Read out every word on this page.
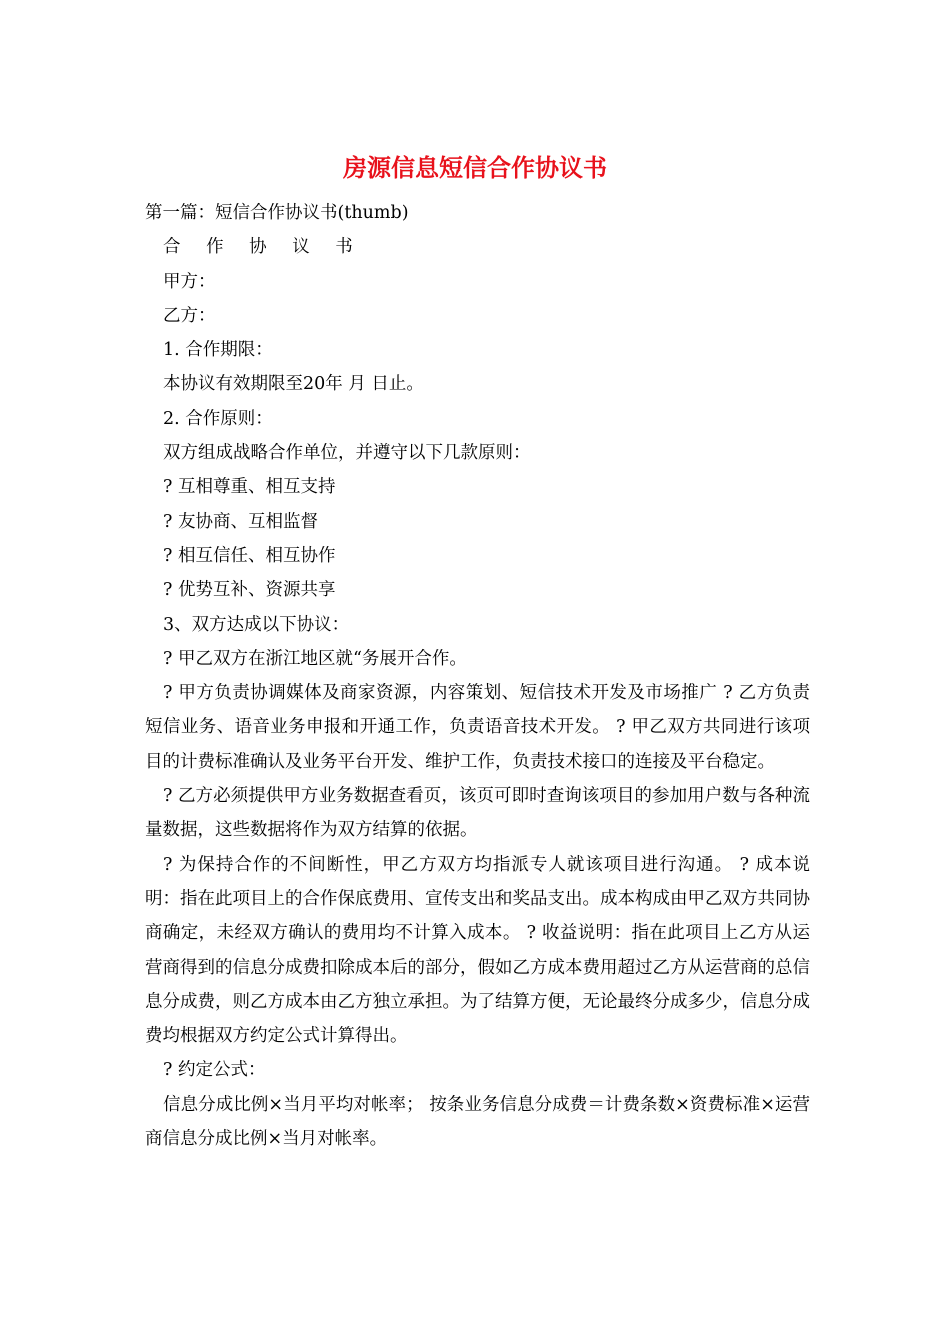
房源信息短信合作协议书

第一篇：短信合作协议书(thumb)

合 作 协 议 书

甲方：

乙方：

1. 合作期限：

本协议有效期限至20年 月 日止。

2. 合作原则：

双方组成战略合作单位，并遵守以下几款原则：

? 互相尊重、相互支持

? 友协商、互相监督

? 相互信任、相互协作

? 优势互补、资源共享

3、双方达成以下协议：

? 甲乙双方在浙江地区就“务展开合作。

? 甲方负责协调媒体及商家资源，内容策划、短信技术开发及市场推广 ? 乙方负责短信业务、语音业务申报和开通工作，负责语音技术开发。 ? 甲乙双方共同进行该项目的计费标准确认及业务平台开发、维护工作，负责技术接口的连接及平台稳定。

? 乙方必须提供甲方业务数据查看页，该页可即时查询该项目的参加用户数与各种流量数据，这些数据将作为双方结算的依据。

? 为保持合作的不间断性，甲乙方双方均指派专人就该项目进行沟通。 ? 成本说明：指在此项目上的合作保底费用、宣传支出和奖品支出。成本构成由甲乙双方共同协商确定，未经双方确认的费用均不计算入成本。 ? 收益说明：指在此项目上乙方从运营商得到的信息分成费扣除成本后的部分，假如乙方成本费用超过乙方从运营商的总信息分成费，则乙方成本由乙方独立承担。为了结算方便，无论最终分成多少，信息分成费均根据双方约定公式计算得出。

? 约定公式：

信息分成比例×当月平均对帐率； 按条业务信息分成费＝计费条数×资费标准×运营商信息分成比例×当月对帐率。
